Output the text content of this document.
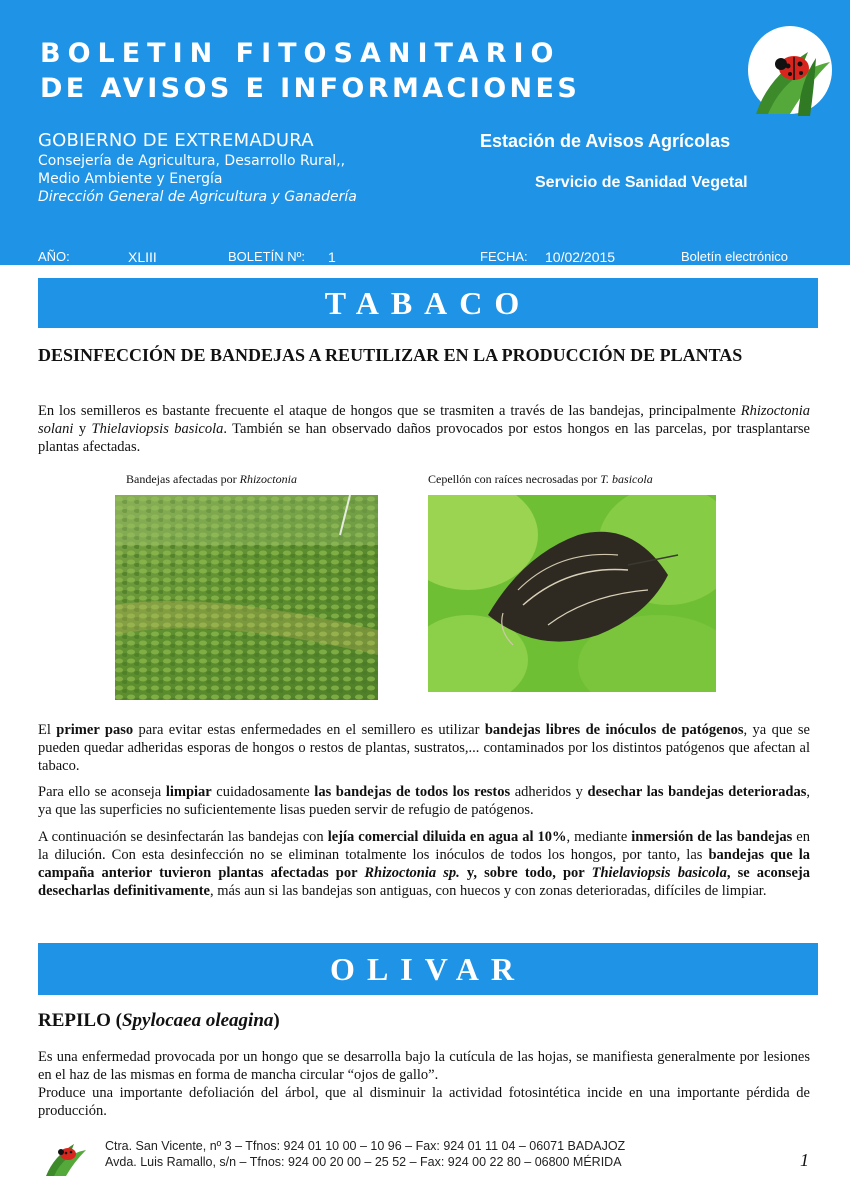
BOLETIN FITOSANITARIO
DE AVISOS E INFORMACIONES
GOBIERNO DE EXTREMADURA
Consejería de Agricultura, Desarrollo Rural,,
Medio Ambiente y Energía
Dirección General de Agricultura y Ganadería
Estación de Avisos Agrícolas
Servicio de Sanidad Vegetal
AÑO:	XLIII	BOLETÍN Nº: 1	FECHA: 10/02/2015	Boletín electrónico
TABACO
DESINFECCIÓN DE BANDEJAS A REUTILIZAR EN LA PRODUCCIÓN DE PLANTAS
En los semilleros es bastante frecuente el ataque de hongos que se trasmiten a través de las bandejas, principalmente Rhizoctonia solani y Thielaviopsis basicola. También se han observado daños provocados por estos hongos en las parcelas, por trasplantarse plantas afectadas.
Bandejas afectadas por Rhizoctonia	Cepellón con raíces necrosadas por T. basicola
El primer paso para evitar estas enfermedades en el semillero es utilizar bandejas libres de inóculos de patógenos, ya que se pueden quedar adheridas esporas de hongos o restos de plantas, sustratos,... contaminados por los distintos patógenos que afectan al tabaco.
Para ello se aconseja limpiar cuidadosamente las bandejas de todos los restos adheridos y desechar las bandejas deterioradas, ya que las superficies no suficientemente lisas pueden servir de refugio de patógenos.
A continuación se desinfectarán las bandejas con lejía comercial diluida en agua al 10%, mediante inmersión de las bandejas en la dilución. Con esta desinfección no se eliminan totalmente los inóculos de todos los hongos, por tanto, las bandejas que la campaña anterior tuvieron plantas afectadas por Rhizoctonia sp. y, sobre todo, por Thielaviopsis basicola, se aconseja desecharlas definitivamente, más aun si las bandejas son antiguas, con huecos y con zonas deterioradas, difíciles de limpiar.
OLIVAR
REPILO (Spylocaea oleagina)
Es una enfermedad provocada por un hongo que se desarrolla bajo la cutícula de las hojas, se manifiesta generalmente por lesiones en el haz de las mismas en forma de mancha circular “ojos de gallo”.
Produce una importante defoliación del árbol, que al disminuir la actividad fotosintética incide en una importante pérdida de producción.
Ctra. San Vicente, nº 3 – Tfnos: 924 01 10 00 – 10 96 – Fax: 924 01 11 04 – 06071 BADAJOZ
Avda. Luis Ramallo, s/n – Tfnos: 924 00 20 00 – 25 52 – Fax: 924 00 22 80 – 06800 MÉRIDA	1
